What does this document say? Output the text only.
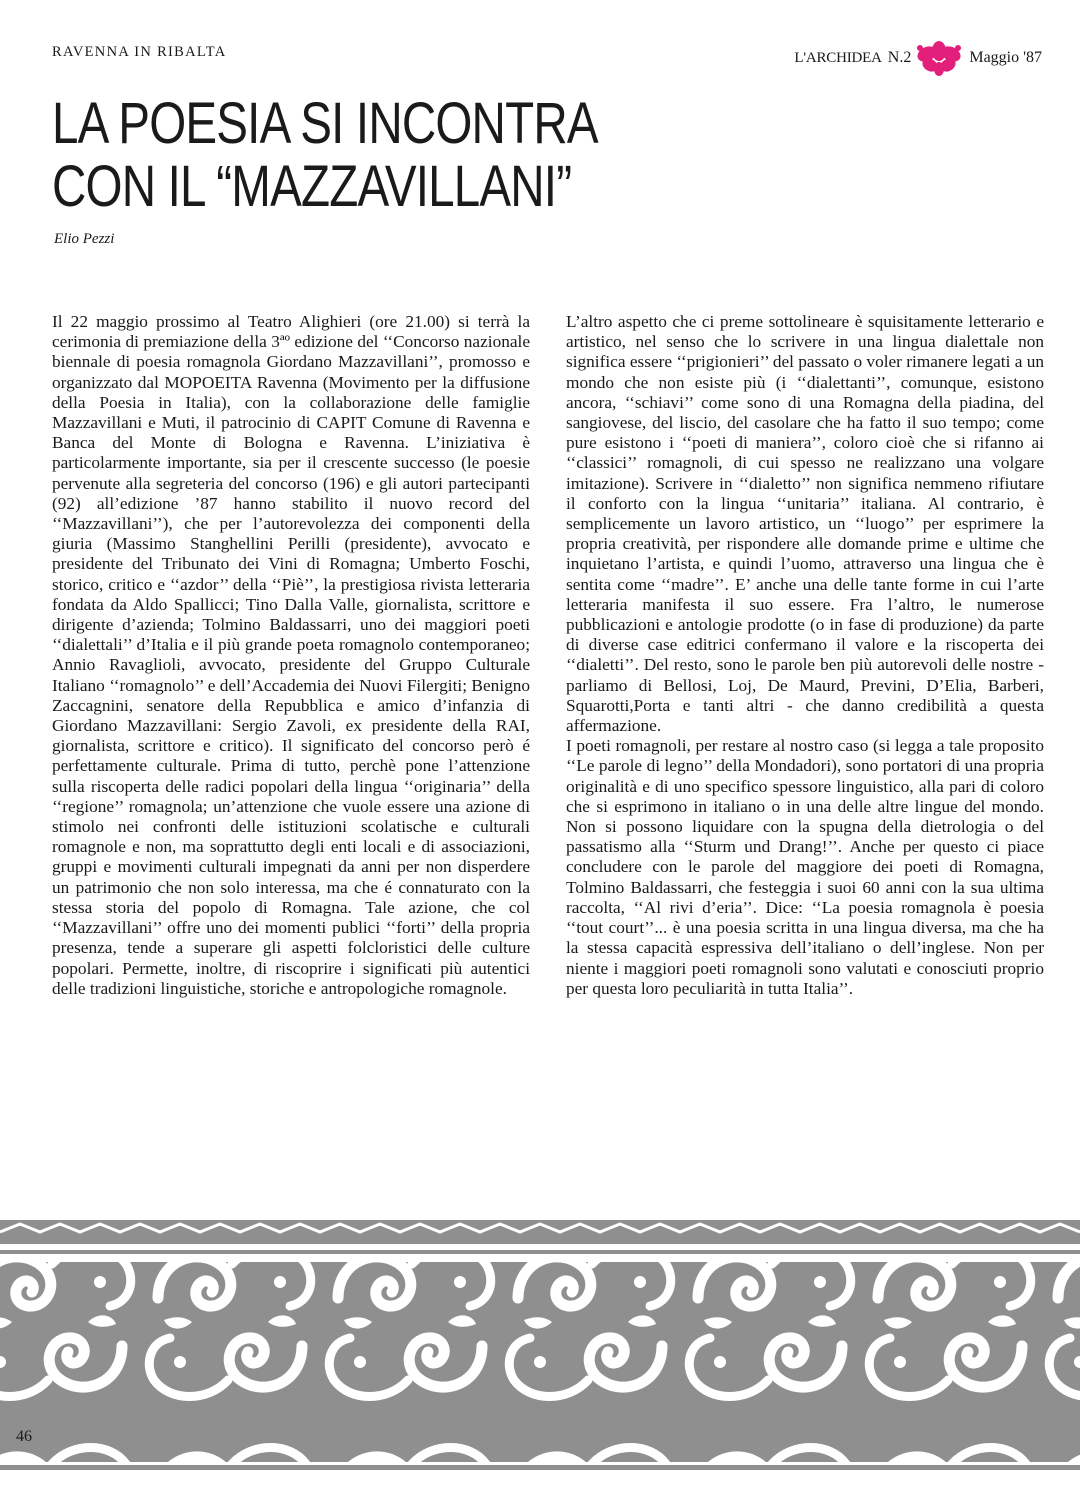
RAVENNA IN RIBALTA	L'ARCHIDEA N.2	Maggio '87
LA POESIA SI INCONTRA
CON IL “MAZZAVILLANI”
Elio Pezzi

Il 22 maggio prossimo al Teatro Alighieri (ore 21.00) si terrà la cerimonia di premiazione della 3ªº edizione del ‘‘Concorso nazionale biennale di poesia romagnola Giordano Mazzavillani’’, promosso e organizzato dal MOPOEITA Ravenna (Movimento per la diffusione della Poesia in Italia), con la collaborazione delle famiglie Mazzavillani e Muti, il patrocinio di CAPIT Comune di Ravenna e Banca del Monte di Bologna e Ravenna. L’iniziativa è particolarmente importante, sia per il crescente successo (le poesie pervenute alla segreteria del concorso (196) e gli autori partecipanti (92) all’edizione ’87 hanno stabilito il nuovo record del ‘‘Mazzavillani’’), che per l’autorevolezza dei componenti della giuria (Massimo Stanghellini Perilli (presidente), avvocato e presidente del Tribunato dei Vini di Romagna; Umberto Foschi, storico, critico e ‘‘azdor’’ della ‘‘Piè’’, la prestigiosa rivista letteraria fondata da Aldo Spallicci; Tino Dalla Valle, giornalista, scrittore e dirigente d’azienda; Tolmino Baldassarri, uno dei maggiori poeti ‘‘dialettali’’ d’Italia e il più grande poeta romagnolo contemporaneo; Annio Ravaglioli, avvocato, presidente del Gruppo Culturale Italiano ‘‘romagnolo’’ e dell’Accademia dei Nuovi Filergiti; Benigno Zaccagnini, senatore della Repubblica e amico d’infanzia di Giordano Mazzavillani: Sergio Zavoli, ex presidente della RAI, giornalista, scrittore e critico). Il significato del concorso però é perfettamente culturale. Prima di tutto, perchè pone l’attenzione sulla riscoperta delle radici popolari della lingua ‘‘originaria’’ della ‘‘regione’’ romagnola; un’attenzione che vuole essere una azione di stimolo nei confronti delle istituzioni scolatische e culturali romagnole e non, ma soprattutto degli enti locali e di associazioni, gruppi e movimenti culturali impegnati da anni per non disperdere un patrimonio che non solo interessa, ma che é connaturato con la stessa storia del popolo di Romagna. Tale azione, che col ‘‘Mazzavillani’’ offre uno dei momenti publici ‘‘forti’’ della propria presenza, tende a superare gli aspetti folcloristici delle culture popolari. Permette, inoltre, di riscoprire i significati più autentici delle tradizioni linguistiche, storiche e antropologiche romagnole.

L’altro aspetto che ci preme sottolineare è squisitamente letterario e artistico, nel senso che lo scrivere in una lingua dialettale non significa essere ‘‘prigionieri’’ del passato o voler rimanere legati a un mondo che non esiste più (i ‘‘dialettanti’’, comunque, esistono ancora, ‘‘schiavi’’ come sono di una Romagna della piadina, del sangiovese, del liscio, del casolare che ha fatto il suo tempo; come pure esistono i ‘‘poeti di maniera’’, coloro cioè che si rifanno ai ‘‘classici’’ romagnoli, di cui spesso ne realizzano una volgare imitazione). Scrivere in ‘‘dialetto’’ non significa nemmeno rifiutare il conforto con la lingua ‘‘unitaria’’ italiana. Al contrario, è semplicemente un lavoro artistico, un ‘‘luogo’’ per esprimere la propria creatività, per rispondere alle domande prime e ultime che inquietano l’artista, e quindi l’uomo, attraverso una lingua che è sentita come ‘‘madre’’. E’ anche una delle tante forme in cui l’arte letteraria manifesta il suo essere. Fra l’altro, le numerose pubblicazioni e antologie prodotte (o in fase di produzione) da parte di diverse case editrici confermano il valore e la riscoperta dei ‘‘dialetti’’. Del resto, sono le parole ben più autorevoli delle nostre - parliamo di Bellosi, Loj, De Maurd, Previni, D’Elia, Barberi, Squarotti,Porta e tanti altri - che danno credibilità a questa affermazione.

I poeti romagnoli, per restare al nostro caso (si legga a tale proposito ‘‘Le parole di legno’’ della Mondadori), sono portatori di una propria originalità e di uno specifico spessore linguistico, alla pari di coloro che si esprimono in italiano o in una delle altre lingue del mondo. Non si possono liquidare con la spugna della dietrologia o del passatismo alla ‘‘Sturm und Drang!’’. Anche per questo ci piace concludere con le parole del maggiore dei poeti di Romagna, Tolmino Baldassarri, che festeggia i suoi 60 anni con la sua ultima raccolta, ‘‘Al rivi d’eria’’. Dice: ‘‘La poesia romagnola è poesia ‘‘tout court’’... è una poesia scritta in una lingua diversa, ma che ha la stessa capacità espressiva dell’italiano o dell’inglese. Non per niente i maggiori poeti romagnoli sono valutati e conosciuti proprio per questa loro peculiarità in tutta Italia’’.

46
